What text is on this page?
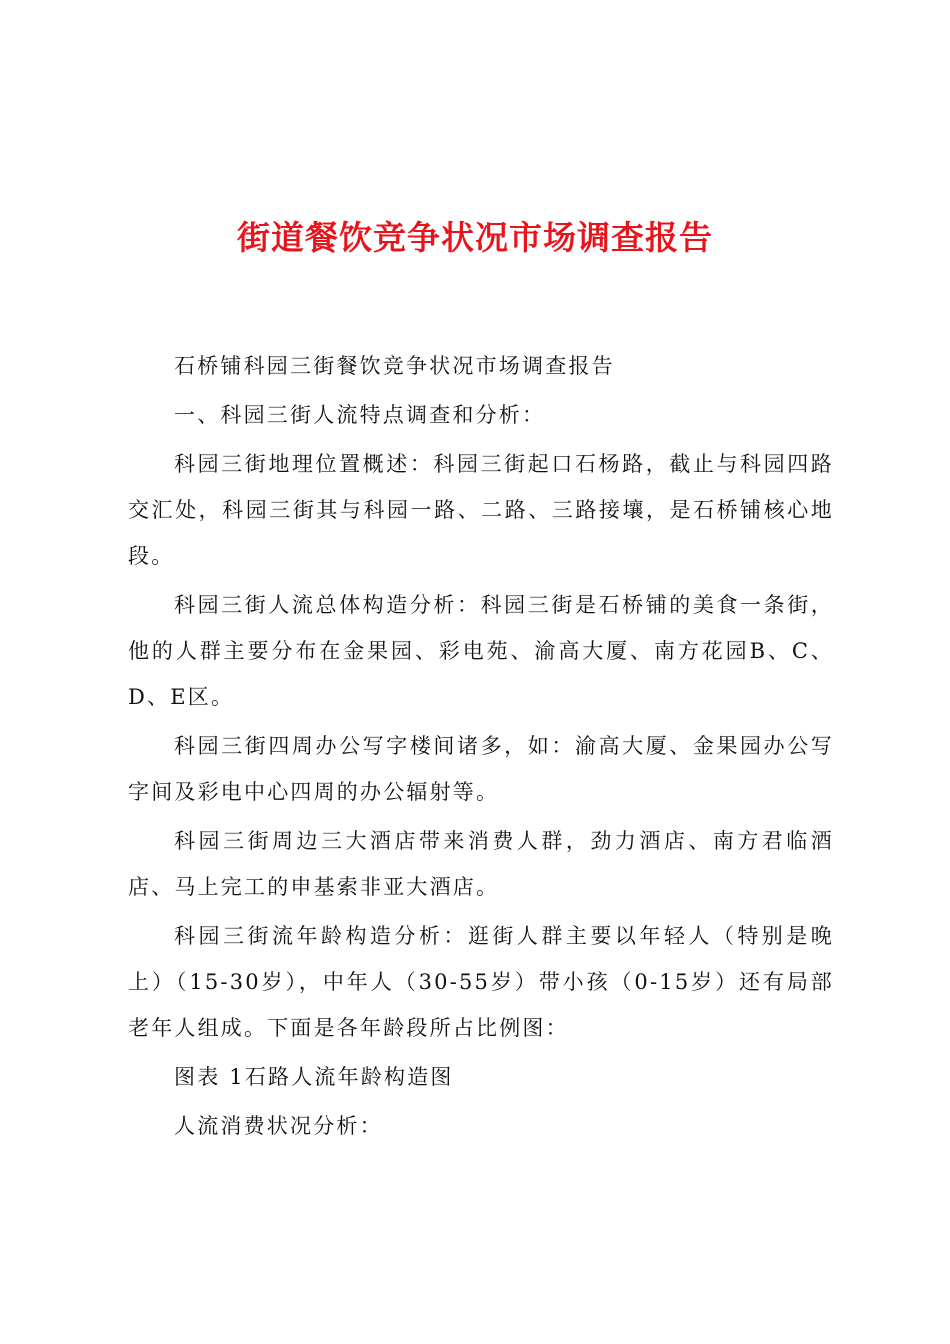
街道餐饮竞争状况市场调查报告

石桥铺科园三街餐饮竞争状况市场调查报告

一、科园三街人流特点调查和分析：

科园三街地理位置概述：科园三街起口石杨路，截止与科园四路交汇处，科园三街其与科园一路、二路、三路接壤，是石桥铺核心地段。

科园三街人流总体构造分析：科园三街是石桥铺的美食一条街，他的人群主要分布在金果园、彩电苑、渝高大厦、南方花园B、C、D、E区。

科园三街四周办公写字楼间诸多，如：渝高大厦、金果园办公写字间及彩电中心四周的办公辐射等。

科园三街周边三大酒店带来消费人群，劲力酒店、南方君临酒店、马上完工的申基索非亚大酒店。

科园三街流年龄构造分析：逛街人群主要以年轻人（特别是晚上）（15-30岁），中年人（30-55岁）带小孩（0-15岁）还有局部老年人组成。下面是各年龄段所占比例图：

图表 1石路人流年龄构造图

人流消费状况分析：
